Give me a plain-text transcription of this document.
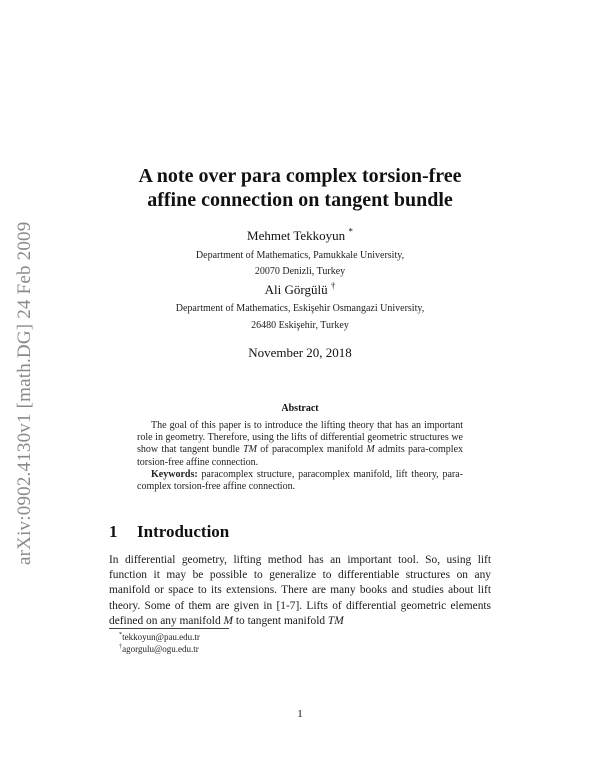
arXiv:0902.4130v1 [math.DG] 24 Feb 2009
A note over para complex torsion-free
affine connection on tangent bundle
Mehmet Tekkoyun *
Department of Mathematics, Pamukkale University,
20070 Denizli, Turkey
Ali Görgülü †
Department of Mathematics, Eskişehir Osmangazi University,
26480 Eskişehir, Turkey
November 20, 2018
Abstract

The goal of this paper is to introduce the lifting theory that has an important role in geometry. Therefore, using the lifts of differential geometric structures we show that tangent bundle TM of paracomplex manifold M admits para-complex torsion-free affine connection.

Keywords: paracomplex structure, paracomplex manifold, lift theory, para-complex torsion-free affine connection.

1 Introduction
In differential geometry, lifting method has an important tool. So, using lift function it may be possible to generalize to differentiable structures on any manifold or space to its extensions. There are many books and studies about lift theory. Some of them are given in [1-7]. Lifts of differential geometric elements defined on any manifold M to tangent manifold TM
*tekkoyun@pau.edu.tr
†agorgulu@ogu.edu.tr
1
